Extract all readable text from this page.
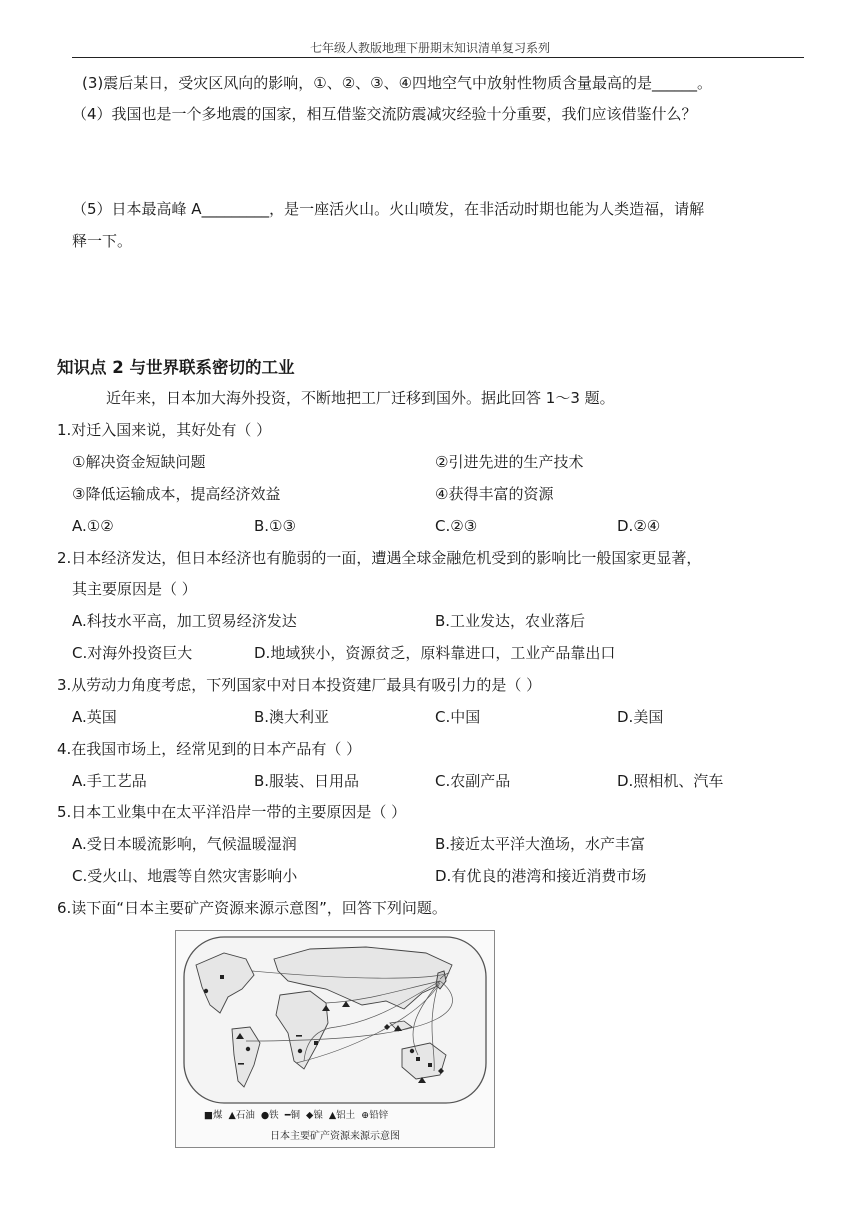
七年级人教版地理下册期末知识清单复习系列
(3)震后某日，受灾区风向的影响，①、②、③、④四地空气中放射性物质含量最高的是______。
（4）我国也是一个多地震的国家，相互借鉴交流防震减灾经验十分重要，我们应该借鉴什么？
（5）日本最高峰 A_________，是一座活火山。火山喷发，在非活动时期也能为人类造福，请解
释一下。
知识点 2 与世界联系密切的工业
近年来，日本加大海外投资，不断地把工厂迁移到国外。据此回答 1～3 题。
1.对迁入国来说，其好处有（ ）
①解决资金短缺问题	②引进先进的生产技术
③降低运输成本，提高经济效益	④获得丰富的资源
A.①②	B.①③	C.②③	D.②④
2.日本经济发达，但日本经济也有脆弱的一面，遭遇全球金融危机受到的影响比一般国家更显著，
其主要原因是（ ）
A.科技水平高，加工贸易经济发达	B.工业发达，农业落后
C.对海外投资巨大	D.地域狭小，资源贫乏，原料靠进口，工业产品靠出口
3.从劳动力角度考虑，下列国家中对日本投资建厂最具有吸引力的是（ ）
A.英国	B.澳大利亚	C.中国	D.美国
4.在我国市场上，经常见到的日本产品有（ ）
A.手工艺品	B.服装、日用品	C.农副产品	D.照相机、汽车
5.日本工业集中在太平洋沿岸一带的主要原因是（ ）
A.受日本暖流影响，气候温暖湿润	B.接近太平洋大渔场，水产丰富
C.受火山、地震等自然灾害影响小	D.有优良的港湾和接近消费市场
6.读下面“日本主要矿产资源来源示意图”，回答下列问题。
■煤 ▲石油 ●铁 ━铜 ◆镍 ▲铝土 ⊕铅锌
日本主要矿产资源来源示意图
